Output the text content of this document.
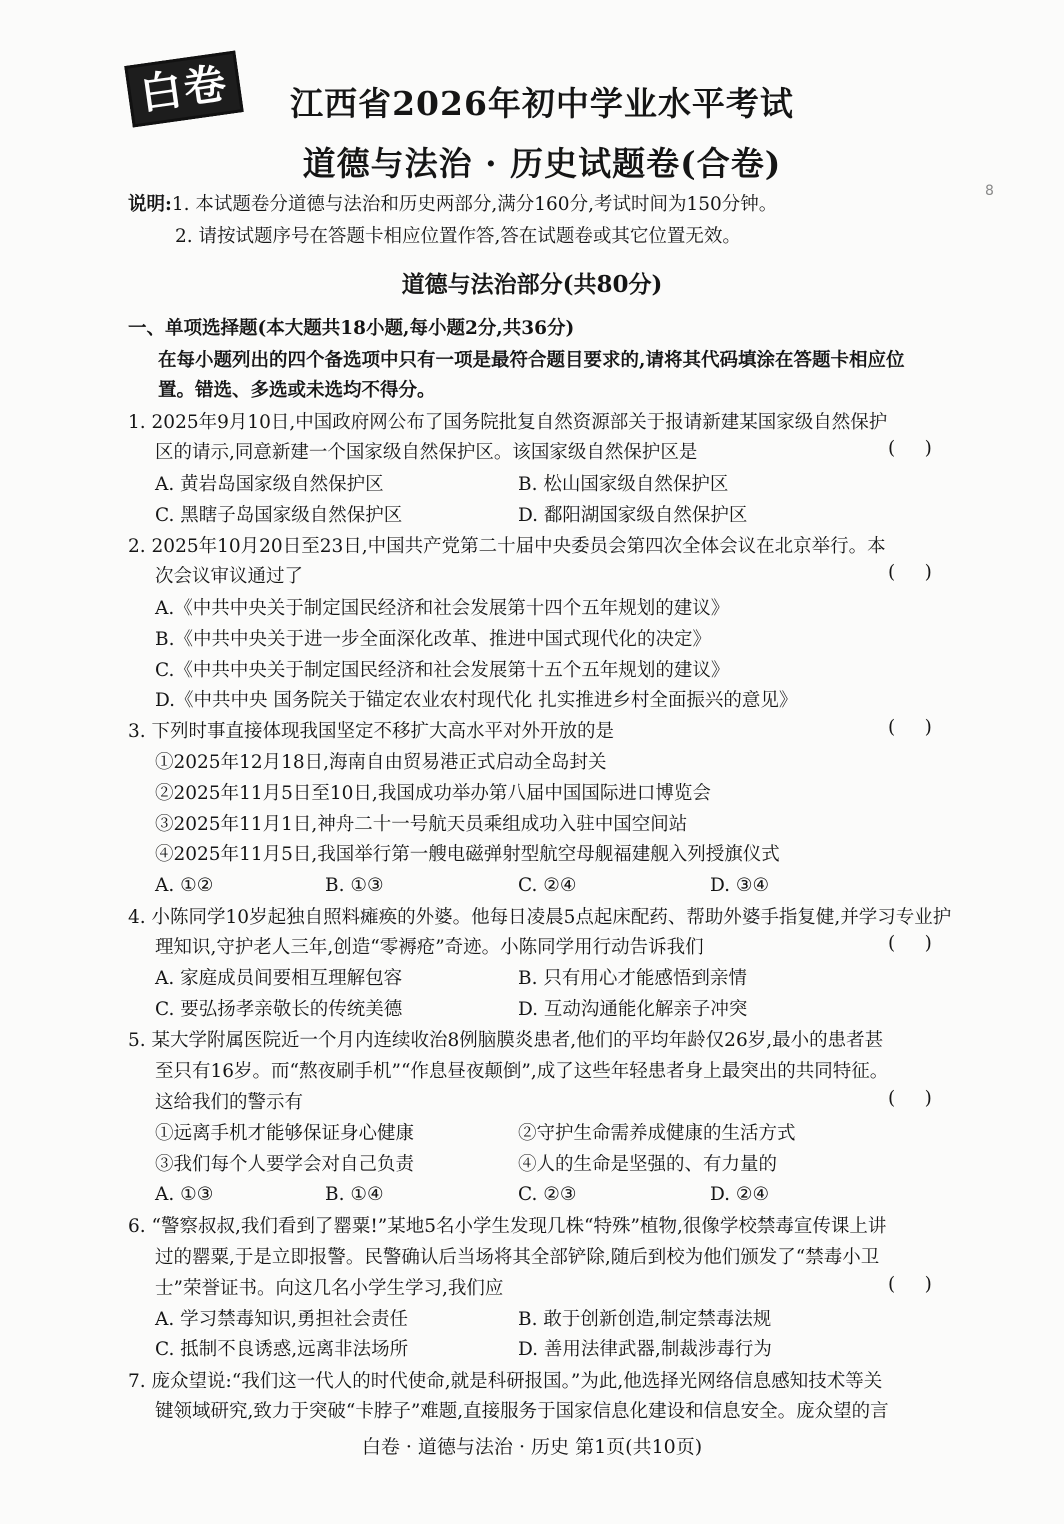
白卷	江西省2026年初中学业水平考试
道德与法治 · 历史试题卷(合卷)
8
说明:1. 本试题卷分道德与法治和历史两部分,满分160分,考试时间为150分钟。
2. 请按试题序号在答题卡相应位置作答,答在试题卷或其它位置无效。
道德与法治部分(共80分)
一、单项选择题(本大题共18小题,每小题2分,共36分)
在每小题列出的四个备选项中只有一项是最符合题目要求的,请将其代码填涂在答题卡相应位
置。错选、多选或未选均不得分。
1. 2025年9月10日,中国政府网公布了国务院批复自然资源部关于报请新建某国家级自然保护
区的请示,同意新建一个国家级自然保护区。该国家级自然保护区是	(     )
A. 黄岩岛国家级自然保护区	B. 松山国家级自然保护区
C. 黑瞎子岛国家级自然保护区	D. 鄱阳湖国家级自然保护区
2. 2025年10月20日至23日,中国共产党第二十届中央委员会第四次全体会议在北京举行。本
次会议审议通过了	(     )
A.《中共中央关于制定国民经济和社会发展第十四个五年规划的建议》
B.《中共中央关于进一步全面深化改革、推进中国式现代化的决定》
C.《中共中央关于制定国民经济和社会发展第十五个五年规划的建议》
D.《中共中央 国务院关于锚定农业农村现代化 扎实推进乡村全面振兴的意见》
3. 下列时事直接体现我国坚定不移扩大高水平对外开放的是	(     )
①2025年12月18日,海南自由贸易港正式启动全岛封关
②2025年11月5日至10日,我国成功举办第八届中国国际进口博览会
③2025年11月1日,神舟二十一号航天员乘组成功入驻中国空间站
④2025年11月5日,我国举行第一艘电磁弹射型航空母舰福建舰入列授旗仪式
A. ①②	B. ①③	C. ②④	D. ③④
4. 小陈同学10岁起独自照料瘫痪的外婆。他每日凌晨5点起床配药、帮助外婆手指复健,并学习专业护
理知识,守护老人三年,创造“零褥疮”奇迹。小陈同学用行动告诉我们	(     )
A. 家庭成员间要相互理解包容	B. 只有用心才能感悟到亲情
C. 要弘扬孝亲敬长的传统美德	D. 互动沟通能化解亲子冲突
5. 某大学附属医院近一个月内连续收治8例脑膜炎患者,他们的平均年龄仅26岁,最小的患者甚
至只有16岁。而“熬夜刷手机”“作息昼夜颠倒”,成了这些年轻患者身上最突出的共同特征。
这给我们的警示有	(     )
①远离手机才能够保证身心健康	②守护生命需养成健康的生活方式
③我们每个人要学会对自己负责	④人的生命是坚强的、有力量的
A. ①③	B. ①④	C. ②③	D. ②④
6. “警察叔叔,我们看到了罂粟!”某地5名小学生发现几株“特殊”植物,很像学校禁毒宣传课上讲
过的罂粟,于是立即报警。民警确认后当场将其全部铲除,随后到校为他们颁发了“禁毒小卫
士”荣誉证书。向这几名小学生学习,我们应	(     )
A. 学习禁毒知识,勇担社会责任	B. 敢于创新创造,制定禁毒法规
C. 抵制不良诱惑,远离非法场所	D. 善用法律武器,制裁涉毒行为
7. 庞众望说:“我们这一代人的时代使命,就是科研报国。”为此,他选择光网络信息感知技术等关
键领域研究,致力于突破“卡脖子”难题,直接服务于国家信息化建设和信息安全。庞众望的言
白卷 · 道德与法治 · 历史 第1页(共10页)
